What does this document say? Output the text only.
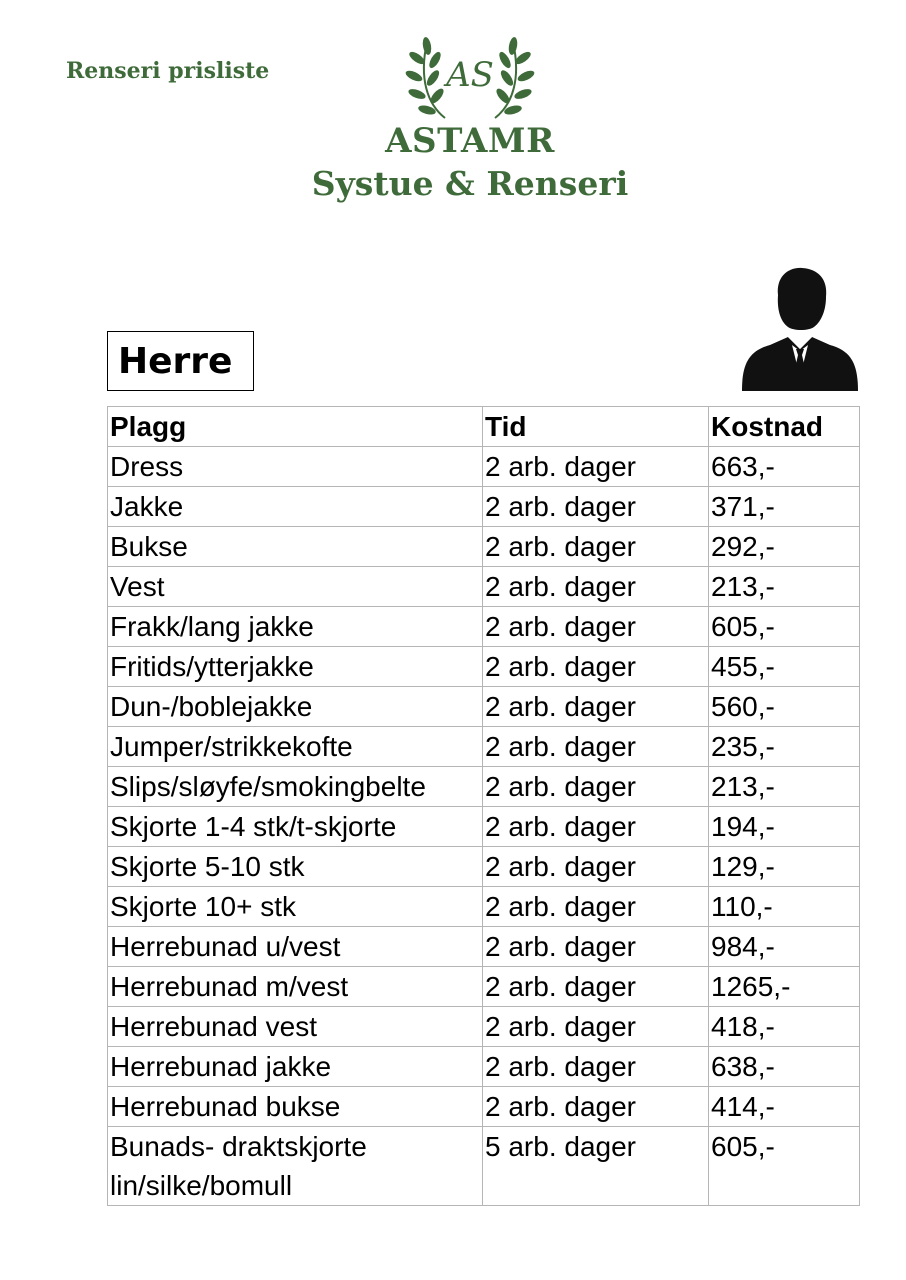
Renseri prisliste	AS
ASTAMR
Systue & Renseri
Herre
Plagg	Tid	Kostnad
Dress	2 arb. dager	663,-
Jakke	2 arb. dager	371,-
Bukse	2 arb. dager	292,-
Vest	2 arb. dager	213,-
Frakk/lang jakke	2 arb. dager	605,-
Fritids/ytterjakke	2 arb. dager	455,-
Dun-/boblejakke	2 arb. dager	560,-
Jumper/strikkekofte	2 arb. dager	235,-
Slips/sløyfe/smokingbelte	2 arb. dager	213,-
Skjorte 1-4 stk/t-skjorte	2 arb. dager	194,-
Skjorte 5-10 stk	2 arb. dager	129,-
Skjorte 10+ stk	2 arb. dager	110,-
Herrebunad u/vest	2 arb. dager	984,-
Herrebunad m/vest	2 arb. dager	1265,-
Herrebunad vest	2 arb. dager	418,-
Herrebunad jakke	2 arb. dager	638,-
Herrebunad bukse	2 arb. dager	414,-
Bunads- draktskjorte lin/silke/bomull	5 arb. dager	605,-
